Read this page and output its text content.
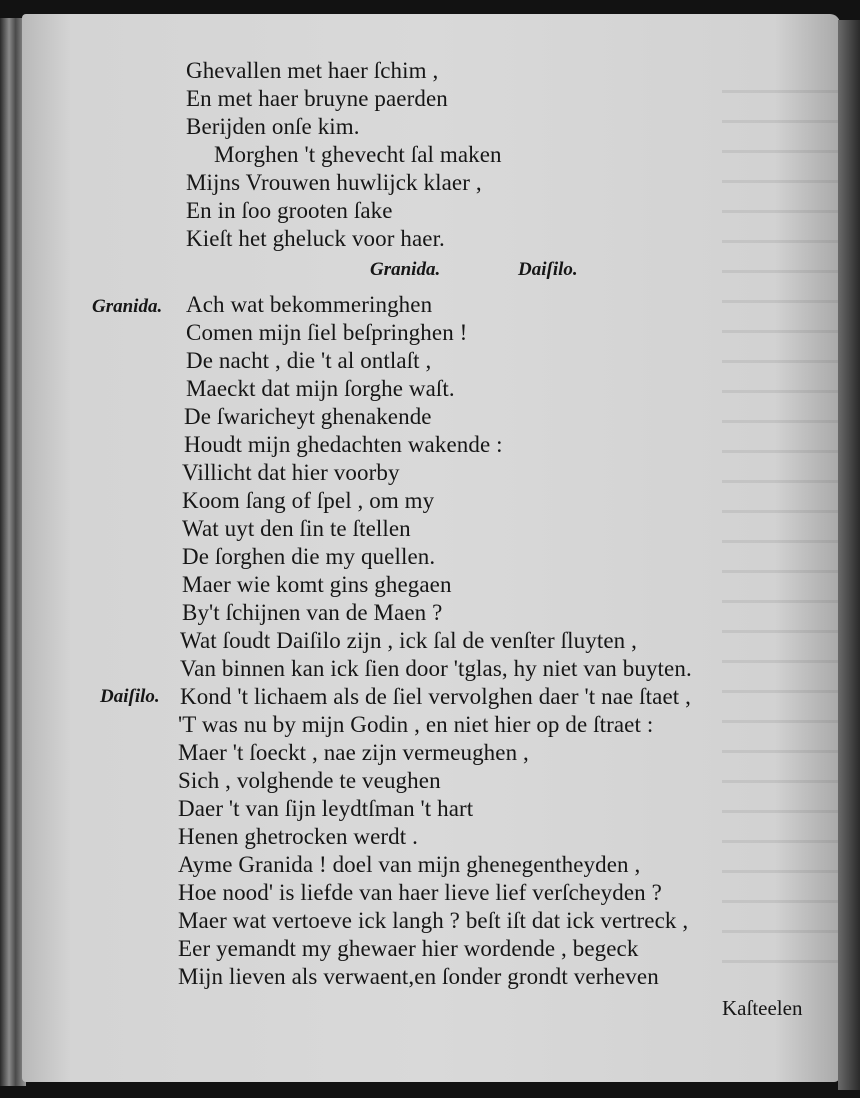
Ghevallen met haer ſchim ,
En met haer bruyne paerden
Berijden onſe kim.
Morghen 't ghevecht ſal maken
Mijns Vrouwen huwlijck klaer ,
En in ſoo grooten ſake
Kieſt het gheluck voor haer.
Granida.	Daiſilo.
Granida. Ach wat bekommeringhen
Comen mijn ſiel beſpringhen !
De nacht , die 't al ontlaſt ,
Maeckt dat mijn ſorghe waſt.
De ſwaricheyt ghenakende
Houdt mijn ghedachten wakende :
Villicht dat hier voorby
Koom ſang of ſpel , om my
Wat uyt den ſin te ſtellen
De ſorghen die my quellen.
Maer wie komt gins ghegaen
By't ſchijnen van de Maen ?
Wat ſoudt Daiſilo zijn , ick ſal de venſter ſluyten ,
Van binnen kan ick ſien door 'tglas, hy niet van buyten.
Daiſilo. Kond 't lichaem als de ſiel vervolghen daer 't nae ſtaet ,
'T was nu by mijn Godin , en niet hier op de ſtraet :
Maer 't ſoeckt , nae zijn vermeughen ,
Sich , volghende te veughen
Daer 't van ſijn leydtſman 't hart
Henen ghetrocken werdt .
Ayme Granida ! doel van mijn ghenegentheyden ,
Hoe nood' is liefde van haer lieve lief verſcheyden ?
Maer wat vertoeve ick langh ? beſt iſt dat ick vertreck ,
Eer yemandt my ghewaer hier wordende , begeck
Mijn lieven als verwaent,en ſonder grondt verheven
Kaſteelen
